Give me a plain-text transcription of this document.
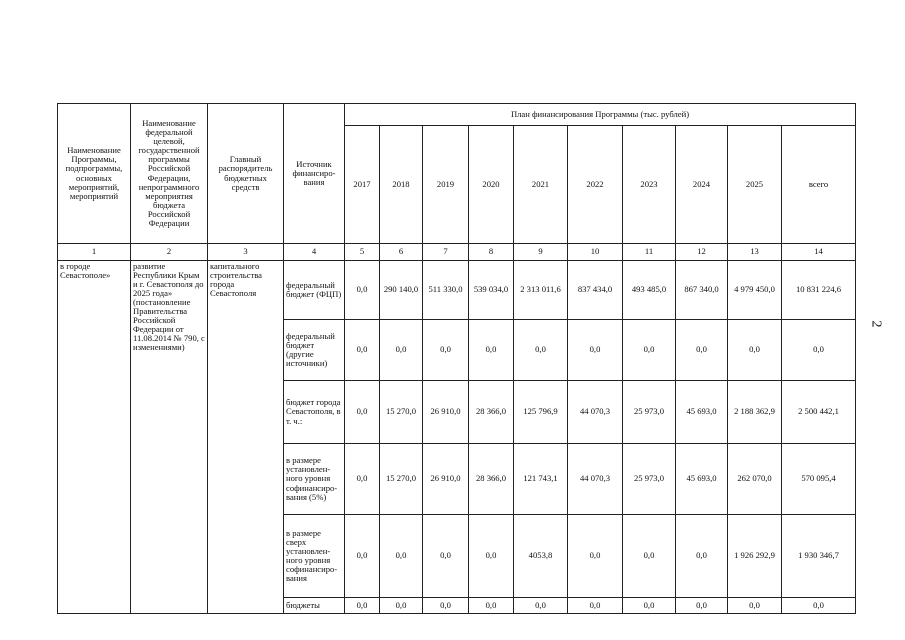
2
Наименование Программы, подпрограммы, основных мероприятий, мероприятий	Наименование федеральной целевой, государственной программы Российской Федерации, непрограммного мероприятия бюджета Российской Федерации	Главный распорядитель бюджетных средств	Источник финансиро-вания	План финансирования Программы (тыс. рублей)									
				2017	2018	2019	2020	2021	2022	2023	2024	2025	всего
1	2	3	4	5	6	7	8	9	10	11	12	13	14
в городе Севастополе»	развитие Республики Крым и г. Севастополя до 2025 года» (постановление Правительства Российской Федерации от 11.08.2014 № 790, с изменениями)	капитального строительства города Севастополя	федеральный бюджет (ФЦП)	0,0	290 140,0	511 330,0	539 034,0	2 313 011,6	837 434,0	493 485,0	867 340,0	4 979 450,0	10 831 224,6
			федеральный бюджет (другие источники)	0,0	0,0	0,0	0,0	0,0	0,0	0,0	0,0	0,0	0,0
			бюджет города Севастополя, в т. ч.:	0,0	15 270,0	26 910,0	28 366,0	125 796,9	44 070,3	25 973,0	45 693,0	2 188 362,9	2 500 442,1
			в размере установлен-ного уровня софинансиро-вания (5%)	0,0	15 270,0	26 910,0	28 366,0	121 743,1	44 070,3	25 973,0	45 693,0	262 070,0	570 095,4
			в размере сверх установлен-ного уровня софинансиро-вания	0,0	0,0	0,0	0,0	4053,8	0,0	0,0	0,0	1 926 292,9	1 930 346,7
			бюджеты	0,0	0,0	0,0	0,0	0,0	0,0	0,0	0,0	0,0	0,0
